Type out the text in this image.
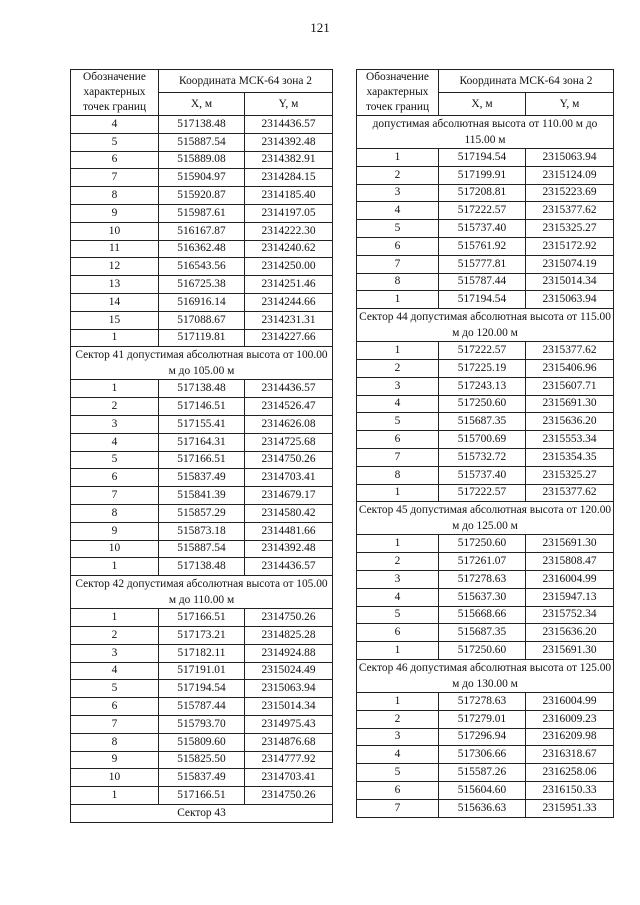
121
Обозначение характерных точек границ	Координата МСК-64 зона 2	
	X, м	Y, м
4	517138.48	2314436.57
5	515887.54	2314392.48
6	515889.08	2314382.91
7	515904.97	2314284.15
8	515920.87	2314185.40
9	515987.61	2314197.05
10	516167.87	2314222.30
11	516362.48	2314240.62
12	516543.56	2314250.00
13	516725.38	2314251.46
14	516916.14	2314244.66
15	517088.67	2314231.31
1	517119.81	2314227.66
Сектор 41 допустимая абсолютная высота от 100.00 м до 105.00 м		
1	517138.48	2314436.57
2	517146.51	2314526.47
3	517155.41	2314626.08
4	517164.31	2314725.68
5	517166.51	2314750.26
6	515837.49	2314703.41
7	515841.39	2314679.17
8	515857.29	2314580.42
9	515873.18	2314481.66
10	515887.54	2314392.48
1	517138.48	2314436.57
Сектор 42 допустимая абсолютная высота от 105.00 м до 110.00 м		
1	517166.51	2314750.26
2	517173.21	2314825.28
3	517182.11	2314924.88
4	517191.01	2315024.49
5	517194.54	2315063.94
6	515787.44	2315014.34
7	515793.70	2314975.43
8	515809.60	2314876.68
9	515825.50	2314777.92
10	515837.49	2314703.41
1	517166.51	2314750.26
Сектор 43		
Обозначение характерных точек границ	Координата МСК-64 зона 2	
	X, м	Y, м
допустимая абсолютная высота от 110.00 м до 115.00 м		
1	517194.54	2315063.94
2	517199.91	2315124.09
3	517208.81	2315223.69
4	517222.57	2315377.62
5	515737.40	2315325.27
6	515761.92	2315172.92
7	515777.81	2315074.19
8	515787.44	2315014.34
1	517194.54	2315063.94
Сектор 44 допустимая абсолютная высота от 115.00 м до 120.00 м		
1	517222.57	2315377.62
2	517225.19	2315406.96
3	517243.13	2315607.71
4	517250.60	2315691.30
5	515687.35	2315636.20
6	515700.69	2315553.34
7	515732.72	2315354.35
8	515737.40	2315325.27
1	517222.57	2315377.62
Сектор 45 допустимая абсолютная высота от 120.00 м до 125.00 м		
1	517250.60	2315691.30
2	517261.07	2315808.47
3	517278.63	2316004.99
4	515637.30	2315947.13
5	515668.66	2315752.34
6	515687.35	2315636.20
1	517250.60	2315691.30
Сектор 46 допустимая абсолютная высота от 125.00 м до 130.00 м		
1	517278.63	2316004.99
2	517279.01	2316009.23
3	517296.94	2316209.98
4	517306.66	2316318.67
5	515587.26	2316258.06
6	515604.60	2316150.33
7	515636.63	2315951.33
